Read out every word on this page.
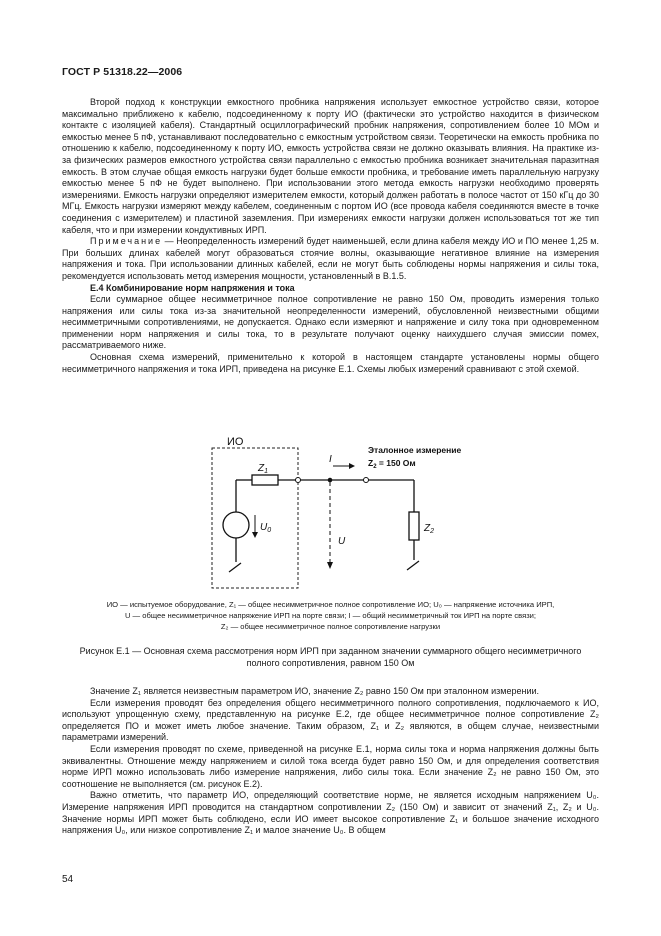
ГОСТ Р 51318.22—2006

Второй подход к конструкции емкостного пробника напряжения использует емкостное устройство связи, которое максимально приближено к кабелю, подсоединенному к порту ИО (фактически это устройство находится в физическом контакте с изоляцией кабеля). Стандартный осциллографический пробник напряжения, сопротивлением более 10 МОм и емкостью менее 5 пФ, устанавливают последовательно с емкостным устройством связи. Теоретически на емкость пробника по отношению к кабелю, подсоединенному к порту ИО, емкость устройства связи не должно оказывать влияния. На практике из-за физических размеров емкостного устройства связи параллельно с емкостью пробника возникает значительная паразитная емкость. В этом случае общая емкость нагрузки будет больше емкости пробника, и требование иметь параллельную нагрузку емкостью менее 5 пФ не будет выполнено. При использовании этого метода емкость нагрузки необходимо проверять измерениями. Емкость нагрузки определяют измерителем емкости, который должен работать в полосе частот от 150 кГц до 30 МГц. Емкость нагрузки измеряют между кабелем, соединенным с портом ИО (все провода кабеля соединяются вместе в точке соединения с измерителем) и пластиной заземления. При измерениях емкости нагрузки должен использоваться тот же тип кабеля, что и при измерении кондуктивных ИРП.

Примечание — Неопределенность измерений будет наименьшей, если длина кабеля между ИО и ПО менее 1,25 м. При больших длинах кабелей могут образоваться стоячие волны, оказывающие негативное влияние на измерения напряжения и тока. При использовании длинных кабелей, если не могут быть соблюдены нормы напряжения и силы тока, рекомендуется использовать метод измерения мощности, установленный в В.1.5.

Е.4 Комбинирование норм напряжения и тока

Если суммарное общее несимметричное полное сопротивление не равно 150 Ом, проводить измерения только напряжения или силы тока из-за значительной неопределенности измерений, обусловленной неизвестными общими несимметричными сопротивлениями, не допускается. Однако если измеряют и напряжение и силу тока при одновременном применении норм напряжения и силы тока, то в результате получают оценку наихудшего случая эмиссии помех, рассматриваемого ниже.

Основная схема измерений, применительно к которой в настоящем стандарте установлены нормы общего несимметричного напряжения и тока ИРП, приведена на рисунке Е.1. Схемы любых измерений сравнивают с этой схемой.

ИО
$Z_1$
$U_0$
I
U
Эталонное измерение
$Z_2 = 150$ Ом
$Z_2$
ИО — испытуемое оборудование, Z₁ — общее несимметричное полное сопротивление ИО; U₀ — напряжение источника ИРП,
U — общее несимметричное напряжение ИРП на порте связи; I — общий несимметричный ток ИРП на порте связи;
Z₂ — общее несимметричное полное сопротивление нагрузки
Рисунок Е.1 — Основная схема рассмотрения норм ИРП при заданном значении суммарного общего несимметричного полного сопротивления, равном 150 Ом

Значение Z₁ является неизвестным параметром ИО, значение Z₂ равно 150 Ом при эталонном измерении.

Если измерения проводят без определения общего несимметричного полного сопротивления, подключаемого к ИО, используют упрощенную схему, представленную на рисунке Е.2, где общее несимметричное полное сопротивление Z₂ определяется ПО и может иметь любое значение. Таким образом, Z₁ и Z₂ являются, в общем случае, неизвестными параметрами измерений.

Если измерения проводят по схеме, приведенной на рисунке Е.1, норма силы тока и норма напряжения должны быть эквивалентны. Отношение между напряжением и силой тока всегда будет равно 150 Ом, и для определения соответствия норме ИРП можно использовать либо измерение напряжения, либо силы тока. Если значение Z₂ не равно 150 Ом, это соотношение не выполняется (см. рисунок Е.2).

Важно отметить, что параметр ИО, определяющий соответствие норме, не является исходным напряжением U₀. Измерение напряжения ИРП проводится на стандартном сопротивлении Z₂ (150 Ом) и зависит от значений Z₁, Z₂ и U₀. Значение нормы ИРП может быть соблюдено, если ИО имеет высокое сопротивление Z₁ и большое значение исходного напряжения U₀, или низкое сопротивление Z₁ и малое значение U₀. В общем

54
